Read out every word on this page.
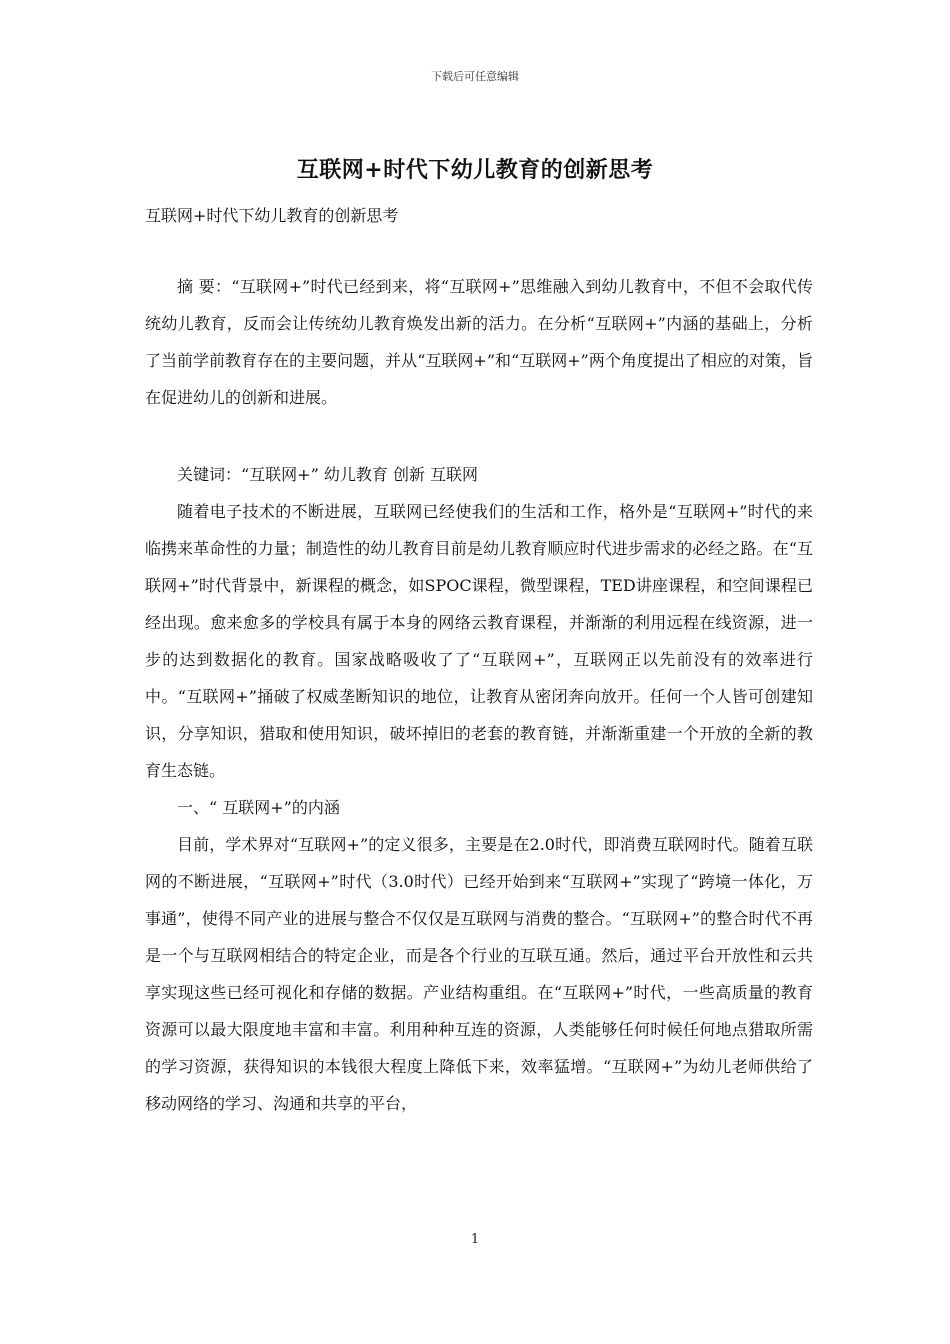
下载后可任意编辑
互联网+时代下幼儿教育的创新思考
互联网+时代下幼儿教育的创新思考

摘 要：“互联网+”时代已经到来，将“互联网+”思维融入到幼儿教育中，不但不会取代传统幼儿教育，反而会让传统幼儿教育焕发出新的活力。在分析“互联网+”内涵的基础上，分析了当前学前教育存在的主要问题，并从“互联网+”和“互联网+”两个角度提出了相应的对策，旨在促进幼儿的创新和进展。

关键词：“互联网+” 幼儿教育 创新 互联网

随着电子技术的不断进展，互联网已经使我们的生活和工作，格外是“互联网+”时代的来临携来革命性的力量；制造性的幼儿教育目前是幼儿教育顺应时代进步需求的必经之路。在“互联网+”时代背景中，新课程的概念，如SPOC课程，微型课程，TED讲座课程，和空间课程已经出现。愈来愈多的学校具有属于本身的网络云教育课程，并渐渐的利用远程在线资源，进一步的达到数据化的教育。国家战略吸收了了“互联网+”，互联网正以先前没有的效率进行中。“互联网+”捅破了权威垄断知识的地位，让教育从密闭奔向放开。任何一个人皆可创建知识，分享知识，猎取和使用知识，破坏掉旧的老套的教育链，并渐渐重建一个开放的全新的教育生态链。

一、“ 互联网+”的内涵

目前，学术界对“互联网+”的定义很多，主要是在2.0时代，即消费互联网时代。随着互联网的不断进展，“互联网+”时代（3.0时代）已经开始到来“互联网+”实现了“跨境一体化，万事通”，使得不同产业的进展与整合不仅仅是互联网与消费的整合。“互联网+”的整合时代不再是一个与互联网相结合的特定企业，而是各个行业的互联互通。然后，通过平台开放性和云共享实现这些已经可视化和存储的数据。产业结构重组。在“互联网+”时代，一些高质量的教育资源可以最大限度地丰富和丰富。利用种种互连的资源，人类能够任何时候任何地点猎取所需的学习资源，获得知识的本钱很大程度上降低下来，效率猛增。“互联网+”为幼儿老师供给了移动网络的学习、沟通和共享的平台，

1
